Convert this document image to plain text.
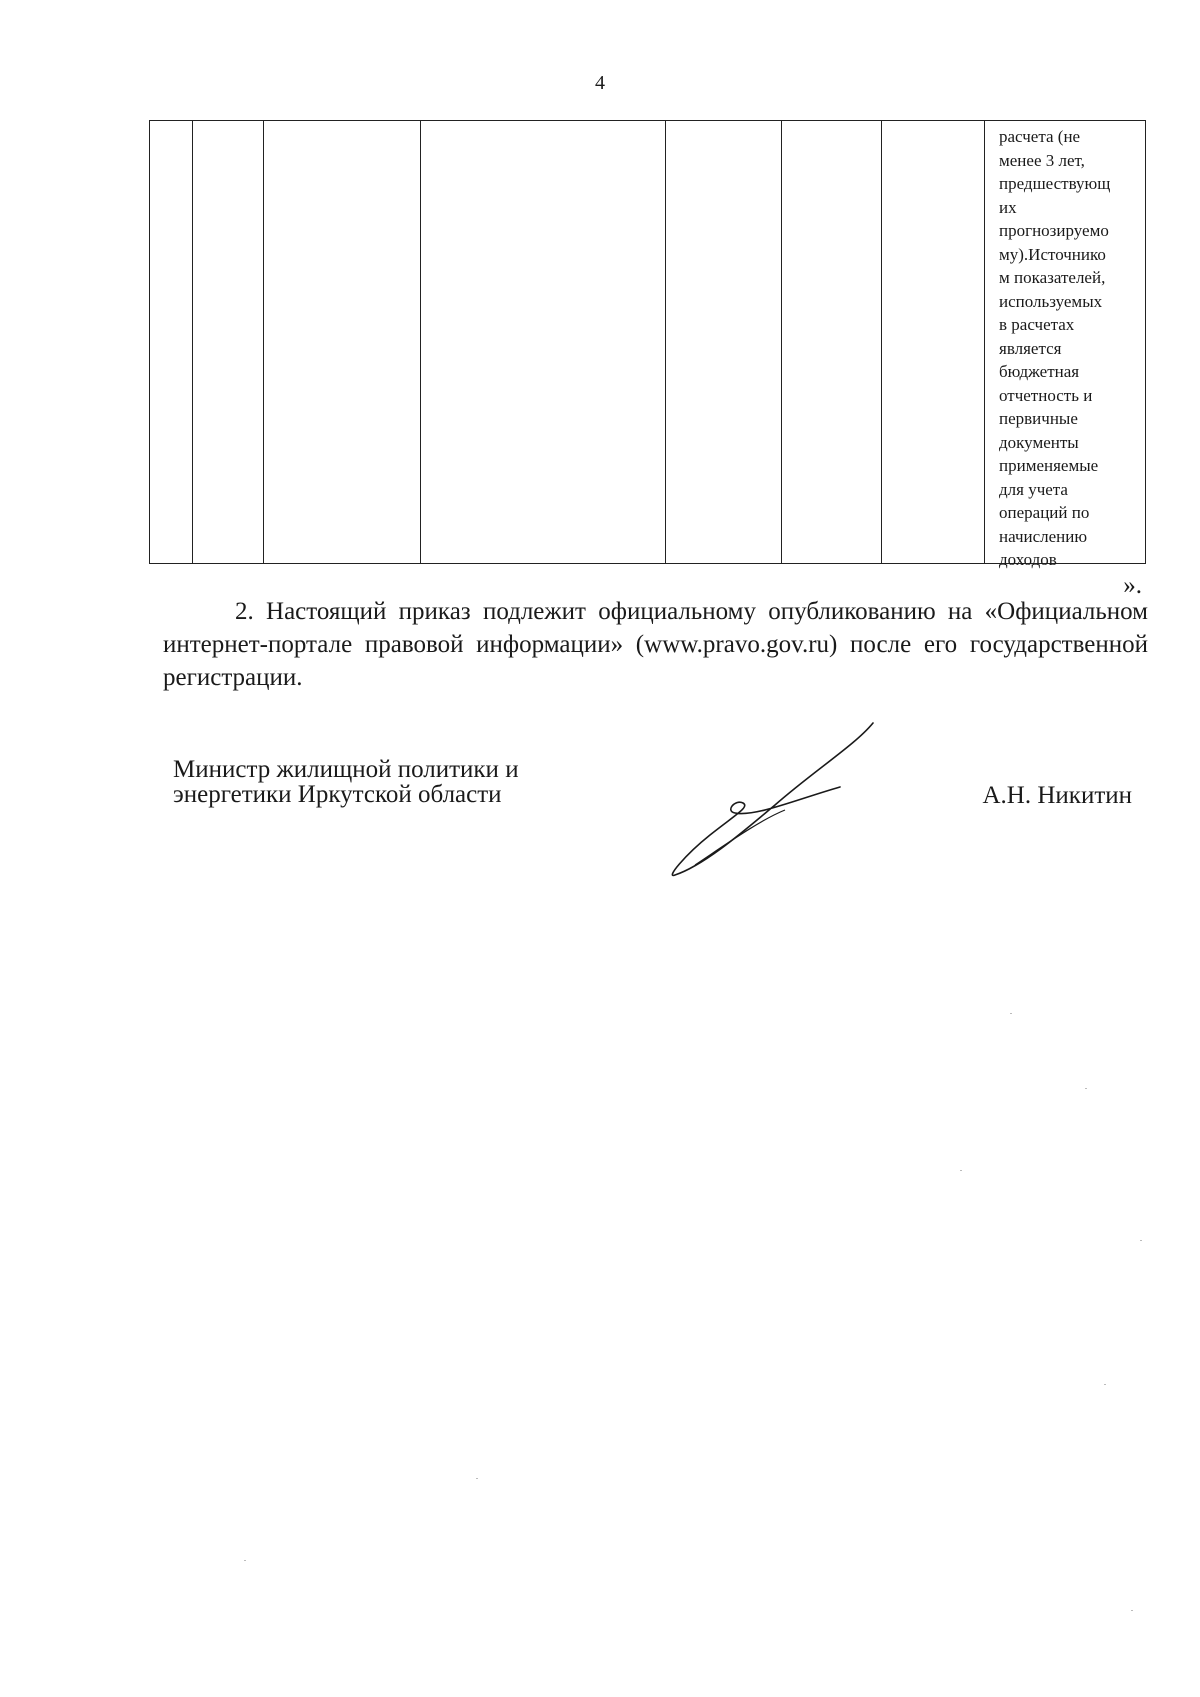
4
расчета (не
менее 3 лет,
предшествующ
их
прогнозируемо
му).Источнико
м показателей,
используемых
в расчетах
является
бюджетная
отчетность и
первичные
документы
применяемые
для учета
операций по
начислению
доходов
».
2. Настоящий приказ подлежит официальному опубликованию на «Официальном интернет-портале правовой информации» (www.pravo.gov.ru) после его государственной регистрации.
Министр жилищной политики и
энергетики Иркутской области	А.Н. Никитин
